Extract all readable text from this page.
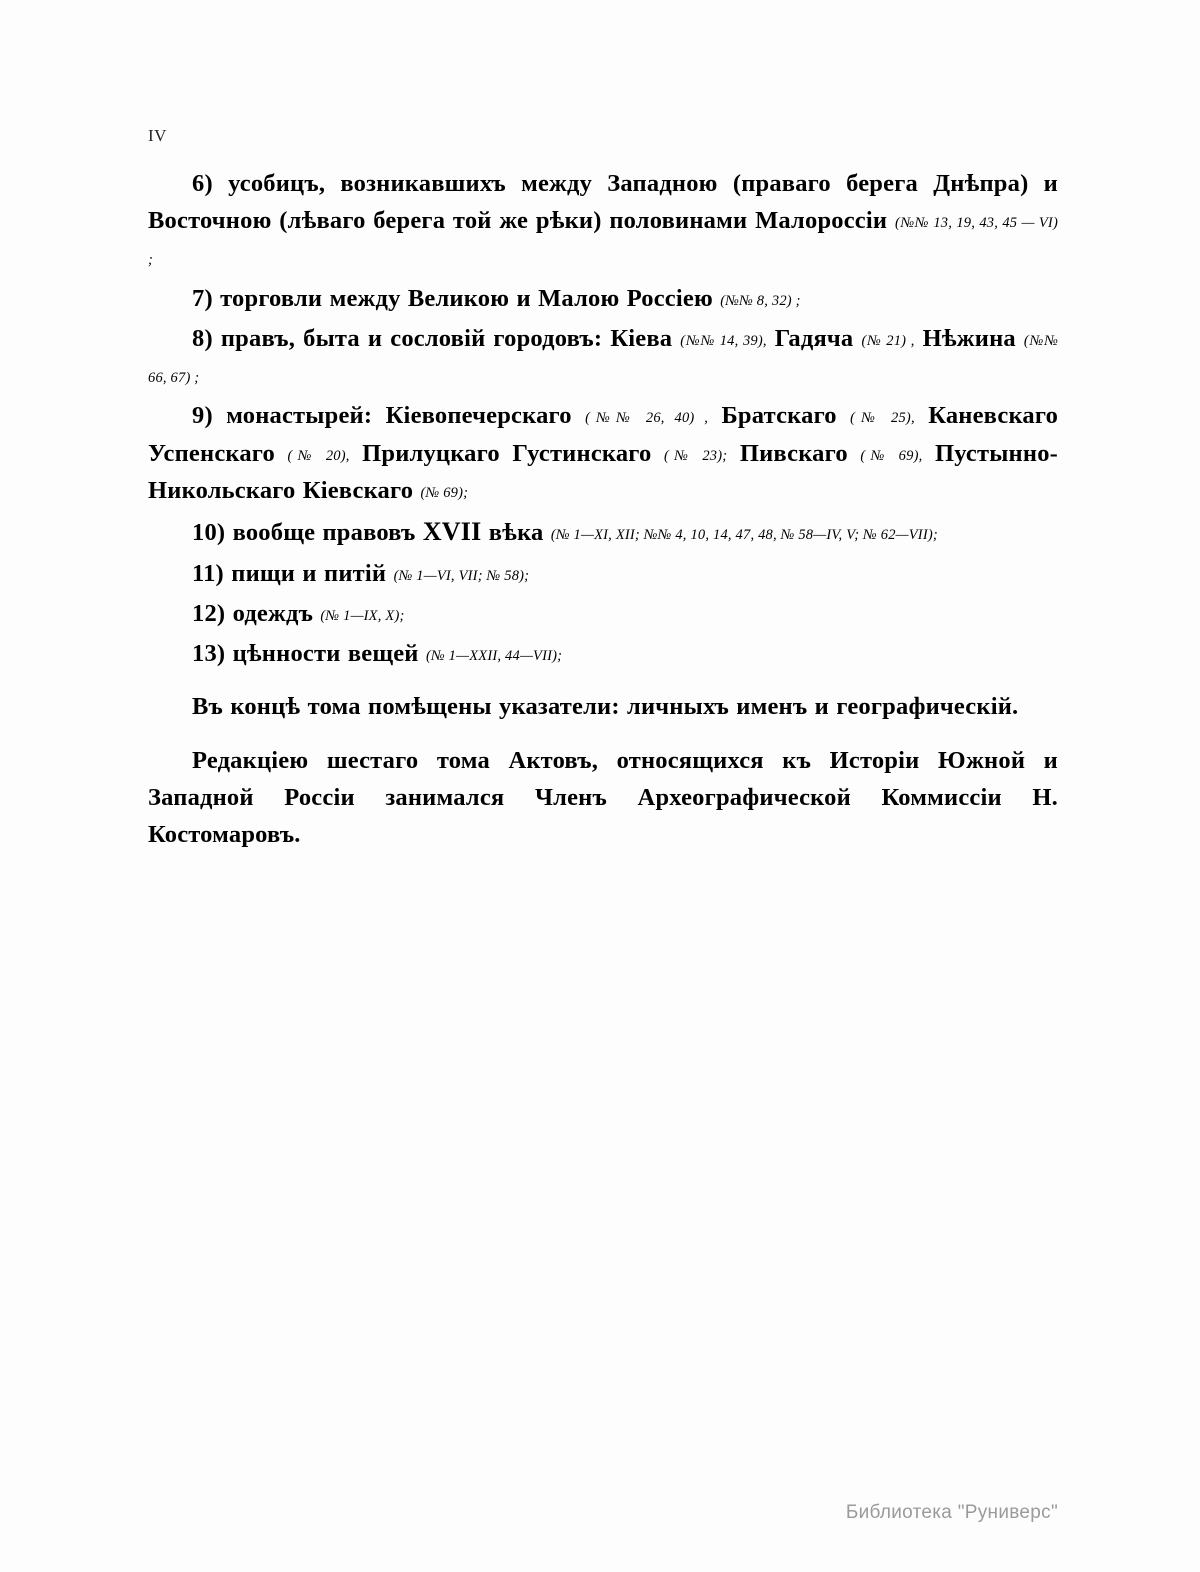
IV

6) усобицъ, возникавшихъ между Западною (праваго берега Днѣпра) и Восточною (лѣваго берега той же рѣки) половинами Малороссіи (№№ 13, 19, 43, 45 — VI) ;

7) торговли между Великою и Малою Россіею (№№ 8, 32) ;

8) правъ, быта и сословій городовъ: Кіева (№№ 14, 39), Гадяча (№ 21) , Нѣжина (№№ 66, 67) ;

9) монастырей: Кіевопечерскаго (№№ 26, 40) , Братскаго (№ 25), Каневскаго Успенскаго (№ 20), Прилуцкаго Густинскаго (№ 23); Пивскаго (№ 69), Пустынно-Никольскаго Кіевскаго (№ 69);

10) вообще правовъ XVII вѣка (№ 1—XI, XII; №№ 4, 10, 14, 47, 48, № 58—IV, V; № 62—VII);

11) пищи и питій (№ 1—VI, VII; № 58);

12) одеждъ (№ 1—IX, X);

13) цѣнности вещей (№ 1—XXII, 44—VII);

Въ концѣ тома помѣщены указатели: личныхъ именъ и географическій.

Редакціею шестаго тома Актовъ, относящихся къ Исторіи Южной и Западной Россіи занимался Членъ Археографической Коммиссіи Н. Костомаровъ.

Библиотека "Руниверс"
